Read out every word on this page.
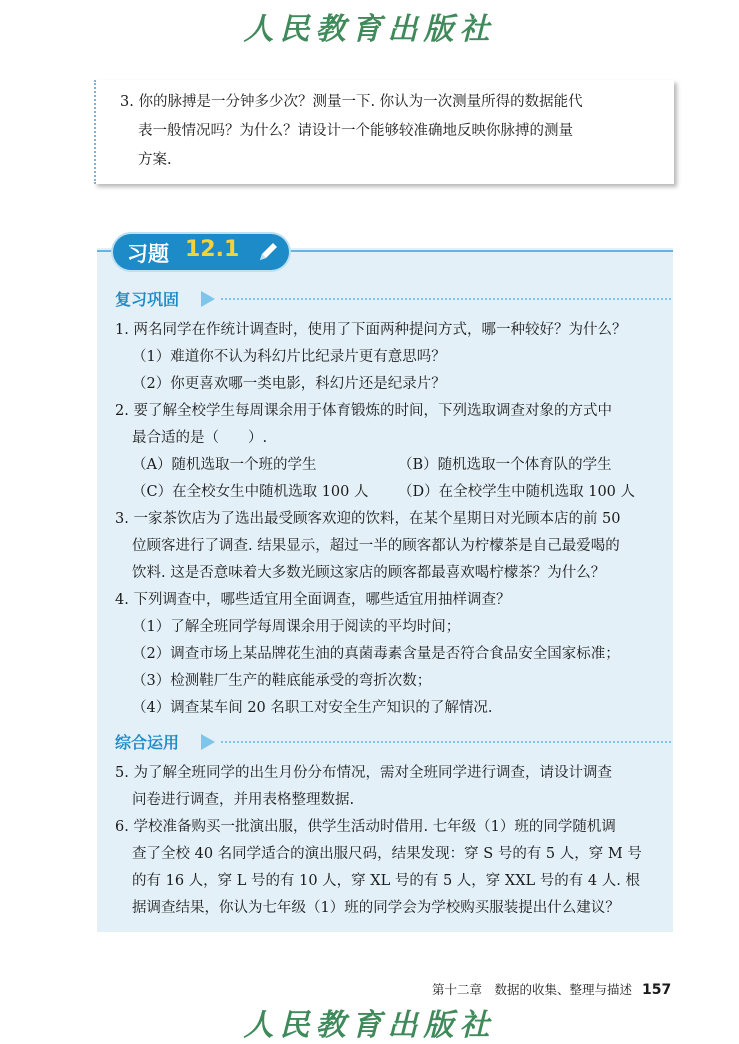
人民教育出版社
3. 你的脉搏是一分钟多少次？测量一下. 你认为一次测量所得的数据能代
表一般情况吗？为什么？请设计一个能够较准确地反映你脉搏的测量
方案.
习题 12.1
复习巩固
1. 两名同学在作统计调查时，使用了下面两种提问方式，哪一种较好？为什么？
（1）难道你不认为科幻片比纪录片更有意思吗？
（2）你更喜欢哪一类电影，科幻片还是纪录片？
2. 要了解全校学生每周课余用于体育锻炼的时间，下列选取调查对象的方式中
最合适的是（　　）.
（A）随机选取一个班的学生	（B）随机选取一个体育队的学生
（C）在全校女生中随机选取 100 人 （D）在全校学生中随机选取 100 人
3. 一家茶饮店为了选出最受顾客欢迎的饮料，在某个星期日对光顾本店的前 50
位顾客进行了调查. 结果显示，超过一半的顾客都认为柠檬茶是自己最爱喝的
饮料. 这是否意味着大多数光顾这家店的顾客都最喜欢喝柠檬茶？为什么？
4. 下列调查中，哪些适宜用全面调查，哪些适宜用抽样调查？
（1）了解全班同学每周课余用于阅读的平均时间；
（2）调查市场上某品牌花生油的真菌毒素含量是否符合食品安全国家标准；
（3）检测鞋厂生产的鞋底能承受的弯折次数；
（4）调查某车间 20 名职工对安全生产知识的了解情况.
综合运用
5. 为了解全班同学的出生月份分布情况，需对全班同学进行调查，请设计调查
问卷进行调查，并用表格整理数据.
6. 学校准备购买一批演出服，供学生活动时借用. 七年级（1）班的同学随机调
查了全校 40 名同学适合的演出服尺码，结果发现：穿 S 号的有 5 人，穿 M 号
的有 16 人，穿 L 号的有 10 人，穿 XL 号的有 5 人，穿 XXL 号的有 4 人. 根
据调查结果，你认为七年级（1）班的同学会为学校购买服装提出什么建议？
第十二章　数据的收集、整理与描述 157
人民教育出版社
